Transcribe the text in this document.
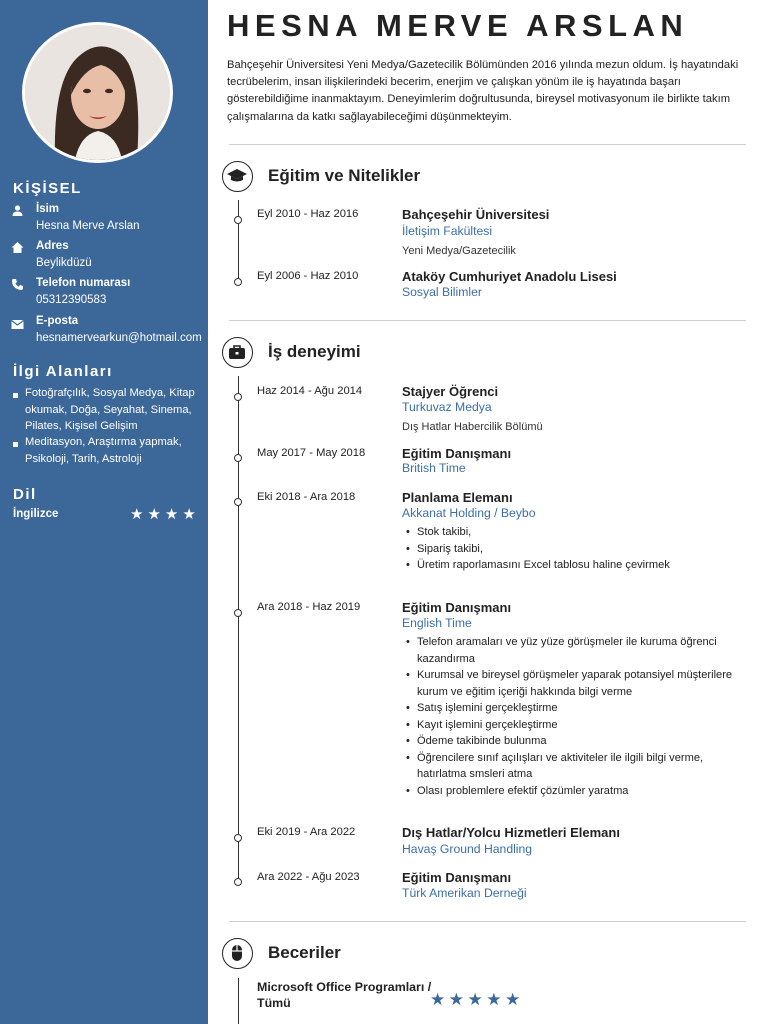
KİŞİSEL
İsim
Hesna Merve Arslan
Adres
Beylikdüzü
Telefon numarası
05312390583
E-posta
hesnamervearkun@hotmail.com
İlgi Alanları
Fotoğrafçılık, Sosyal Medya, Kitap okumak, Doğa, Seyahat, Sinema, Pilates, Kişisel Gelişim
Meditasyon, Araştırma yapmak, Psikoloji, Tarih, Astroloji
Dil
İngilizce	★★★★
HESNA MERVE ARSLAN
Bahçeşehir Üniversitesi Yeni Medya/Gazetecilik Bölümünden 2016 yılında mezun oldum. İş hayatındaki tecrübelerim, insan ilişkilerindeki becerim, enerjim ve çalışkan yönüm ile iş hayatında başarı gösterebildiğime inanmaktayım. Deneyimlerim doğrultusunda, bireysel motivasyonum ile birlikte takım çalışmalarına da katkı sağlayabileceğimi düşünmekteyim.
Eğitim ve Nitelikler
Eyl 2010 - Haz 2016	Bahçeşehir Üniversitesi
İletişim Fakültesi
Yeni Medya/Gazetecilik
Eyl 2006 - Haz 2010	Ataköy Cumhuriyet Anadolu Lisesi
Sosyal Bilimler
İş deneyimi
Haz 2014 - Ağu 2014	Stajyer Öğrenci
Turkuvaz Medya
Dış Hatlar Habercilik Bölümü
May 2017 - May 2018	Eğitim Danışmanı
British Time
Eki 2018 - Ara 2018	Planlama Elemanı
Akkanat Holding / Beybo
• Stok takibi,
• Sipariş takibi,
• Üretim raporlamasını Excel tablosu haline çevirmek
Ara 2018 - Haz 2019	Eğitim Danışmanı
English Time
• Telefon aramaları ve yüz yüze görüşmeler ile kuruma öğrenci kazandırma
• Kurumsal ve bireysel görüşmeler yaparak potansiyel müşterilere kurum ve eğitim içeriği hakkında bilgi verme
• Satış işlemini gerçekleştirme
• Kayıt işlemini gerçekleştirme
• Ödeme takibinde bulunma
• Öğrencilere sınıf açılışları ve aktiviteler ile ilgili bilgi verme, hatırlatma smsleri atma
• Olası problemlere efektif çözümler yaratma
Eki 2019 - Ara 2022	Dış Hatlar/Yolcu Hizmetleri Elemanı
Havaş Ground Handling
Ara 2022 - Ağu 2023	Eğitim Danışmanı
Türk Amerikan Derneği
Beceriler
Microsoft Office Programları / Tümü	★★★★★
